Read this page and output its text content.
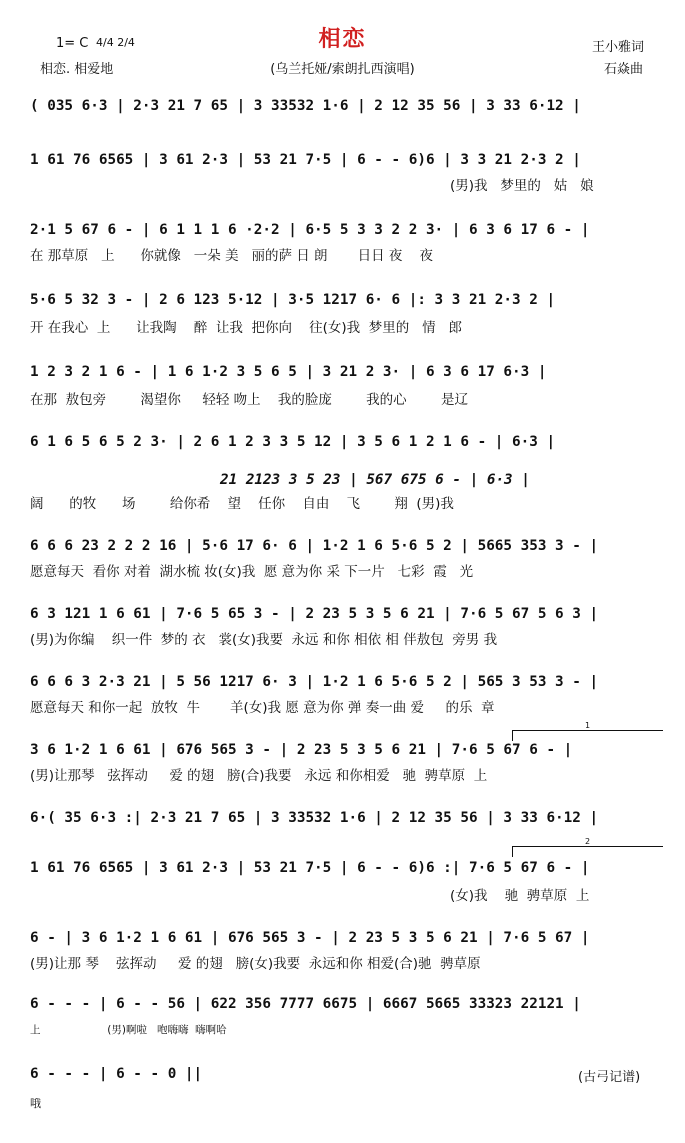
1= C 4/4 2/4	相恋
相恋. 相爱地	(乌兰托娅/索朗扎西演唱)
王小雅词
石焱曲
( 035 6·3 | 2·3 21 7 65 | 3 33532 1·6 | 2 12 35 56 | 3 33 6·12 |
1 61 76 6565 | 3 61 2·3 | 53 21 7·5 | 6 - - 6)6 | 3 3 21 2·3 2 |
(男)我   梦里的   姑   娘
2·1 5 67 6 - | 6 1 1 1 6 ·2·2 | 6·5 5 3 3 2 2 3· | 6 3 6 17 6 - |
在 那草原   上      你就像   一朵 美   丽的萨 日 朗       日日 夜    夜
5·6 5 32 3 - | 2 6 123 5·12 | 3·5 1217 6· 6 |: 3 3 21 2·3 2 |
开 在我心  上      让我陶    醉  让我  把你向    往(女)我  梦里的   情   郎
1 2 3 2 1 6 - | 1 6 1·2 3 5 6 5 | 3 21 2 3· | 6 3 6 17 6·3 |
在那  敖包旁        渴望你     轻轻 吻上    我的脸庞        我的心        是辽
6 1 6 5 6 5 2 3· | 2 6 1 2 3 3 5 12 | 3 5 6 1 2 1 6 - | 6·3 |
21 2123 3 5 23 | 567 675 6 - | 6·3 |
阔      的牧      场        给你希    望    任你    自由    飞        翔  (男)我
6 6 6 23 2 2 2 16 | 5·6 17 6· 6 | 1·2 1 6 5·6 5 2 | 5665 353 3 - |
愿意每天  看你 对着  湖水梳 妆(女)我  愿 意为你 采 下一片   七彩  霞   光
6 3 121 1 6 61 | 7·6 5 65 3 - | 2 23 5 3 5 6 21 | 7·6 5 67 5 6 3 |
(男)为你编    织一件  梦的 衣   裳(女)我要  永远 和你 相依 相 伴敖包  旁男 我
6 6 6 3 2·3 21 | 5 56 1217 6· 3 | 1·2 1 6 5·6 5 2 | 565 3 53 3 - |
愿意每天 和你一起  放牧  牛       羊(女)我 愿 意为你 弹 奏一曲 爱     的乐  章
1
3 6 1·2 1 6 61 | 676 565 3 - | 2 23 5 3 5 6 21 | 7·6 5 67 6 - |
(男)让那琴   弦挥动     爱 的翅   膀(合)我要   永远 和你相爱   驰  骋草原  上
6·( 35 6·3 :| 2·3 21 7 65 | 3 33532 1·6 | 2 12 35 56 | 3 33 6·12 |
2
1 61 76 6565 | 3 61 2·3 | 53 21 7·5 | 6 - - 6)6 :| 7·6 5 67 6 - |
(女)我    驰  骋草原  上
6 - | 3 6 1·2 1 6 61 | 676 565 3 - | 2 23 5 3 5 6 21 | 7·6 5 67 |
(男)让那 琴    弦挥动     爱 的翅   膀(女)我要  永远和你 相爱(合)驰  骋草原
6 - - - | 6 - - 56 | 622 356 7777 6675 | 6667 5665 33323 22121 |
上                    (男)啊啦   咆嗨嗨  嗨啊哈
6 - - - | 6 - - 0 ||
哦
(古弓记谱)
